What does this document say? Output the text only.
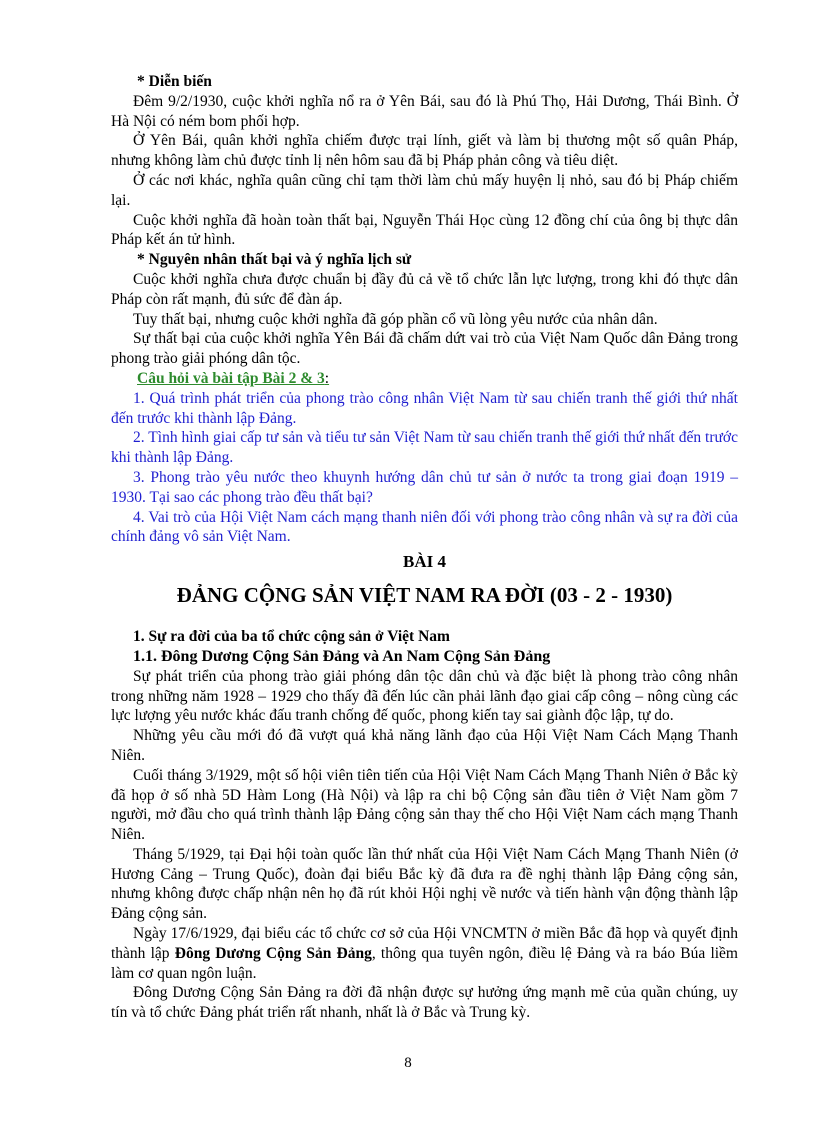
* Diễn biến

Đêm 9/2/1930, cuộc khởi nghĩa nổ ra ở Yên Bái, sau đó là Phú Thọ, Hải Dương, Thái Bình. Ở Hà Nội có ném bom phối hợp.

Ở Yên Bái, quân khởi nghĩa chiếm được trại lính, giết và làm bị thương một số quân Pháp, nhưng không làm chủ được tỉnh lị nên hôm sau đã bị Pháp phản công và tiêu diệt.

Ở các nơi khác, nghĩa quân cũng chỉ tạm thời làm chủ mấy huyện lị nhỏ, sau đó bị Pháp chiếm lại.

Cuộc khởi nghĩa đã hoàn toàn thất bại, Nguyễn Thái Học cùng 12 đồng chí của ông bị thực dân Pháp kết án tử hình.

* Nguyên nhân thất bại và ý nghĩa lịch sử

Cuộc khởi nghĩa chưa được chuẩn bị đầy đủ cả về tổ chức lẫn lực lượng, trong khi đó thực dân Pháp còn rất mạnh, đủ sức để đàn áp.

Tuy thất bại, nhưng cuộc khởi nghĩa đã góp phần cổ vũ lòng yêu nước của nhân dân.

Sự thất bại của cuộc khởi nghĩa Yên Bái đã chấm dứt vai trò của Việt Nam Quốc dân Đảng trong phong trào giải phóng dân tộc.

Câu hỏi và bài tập Bài 2 & 3:

1. Quá trình phát triển của phong trào công nhân Việt Nam từ sau chiến tranh thế giới thứ nhất đến trước khi thành lập Đảng.

2. Tình hình giai cấp tư sản và tiểu tư sản Việt Nam từ sau chiến tranh thế giới thứ nhất đến trước khi thành lập Đảng.

3. Phong trào yêu nước theo khuynh hướng dân chủ tư sản ở nước ta trong giai đoạn 1919 – 1930. Tại sao các phong trào đều thất bại?

4. Vai trò của Hội Việt Nam cách mạng thanh niên đối với phong trào công nhân và sự ra đời của chính đảng vô sản Việt Nam.

BÀI 4
ĐẢNG CỘNG SẢN VIỆT NAM RA ĐỜI (03 - 2 - 1930)

1. Sự ra đời của ba tổ chức cộng sản ở Việt Nam

1.1. Đông Dương Cộng Sản Đảng và An Nam Cộng Sản Đảng

Sự phát triển của phong trào giải phóng dân tộc dân chủ và đặc biệt là phong trào công nhân trong những năm 1928 – 1929 cho thấy đã đến lúc cần phải lãnh đạo giai cấp công – nông cùng các lực lượng yêu nước khác đấu tranh chống đế quốc, phong kiến tay sai giành độc lập, tự do.

Những yêu cầu mới đó đã vượt quá khả năng lãnh đạo của Hội Việt Nam Cách Mạng Thanh Niên.

Cuối tháng 3/1929, một số hội viên tiên tiến của Hội Việt Nam Cách Mạng Thanh Niên ở Bắc kỳ đã họp ở số nhà 5D Hàm Long (Hà Nội) và lập ra chi bộ Cộng sản đầu tiên ở Việt Nam gồm 7 người, mở đầu cho quá trình thành lập Đảng cộng sản thay thế cho Hội Việt Nam cách mạng Thanh Niên.

Tháng 5/1929, tại Đại hội toàn quốc lần thứ nhất của Hội Việt Nam Cách Mạng Thanh Niên (ở Hương Cảng – Trung Quốc), đoàn đại biểu Bắc kỳ đã đưa ra đề nghị thành lập Đảng cộng sản, nhưng không được chấp nhận nên họ đã rút khỏi Hội nghị về nước và tiến hành vận động thành lập Đảng cộng sản.

Ngày 17/6/1929, đại biểu các tổ chức cơ sở của Hội VNCMTN ở miền Bắc đã họp và quyết định thành lập Đông Dương Cộng Sản Đảng, thông qua tuyên ngôn, điều lệ Đảng và ra báo Búa liềm làm cơ quan ngôn luận.

Đông Dương Cộng Sản Đảng ra đời đã nhận được sự hưởng ứng mạnh mẽ của quần chúng, uy tín và tổ chức Đảng phát triển rất nhanh, nhất là ở Bắc và Trung kỳ.

8
